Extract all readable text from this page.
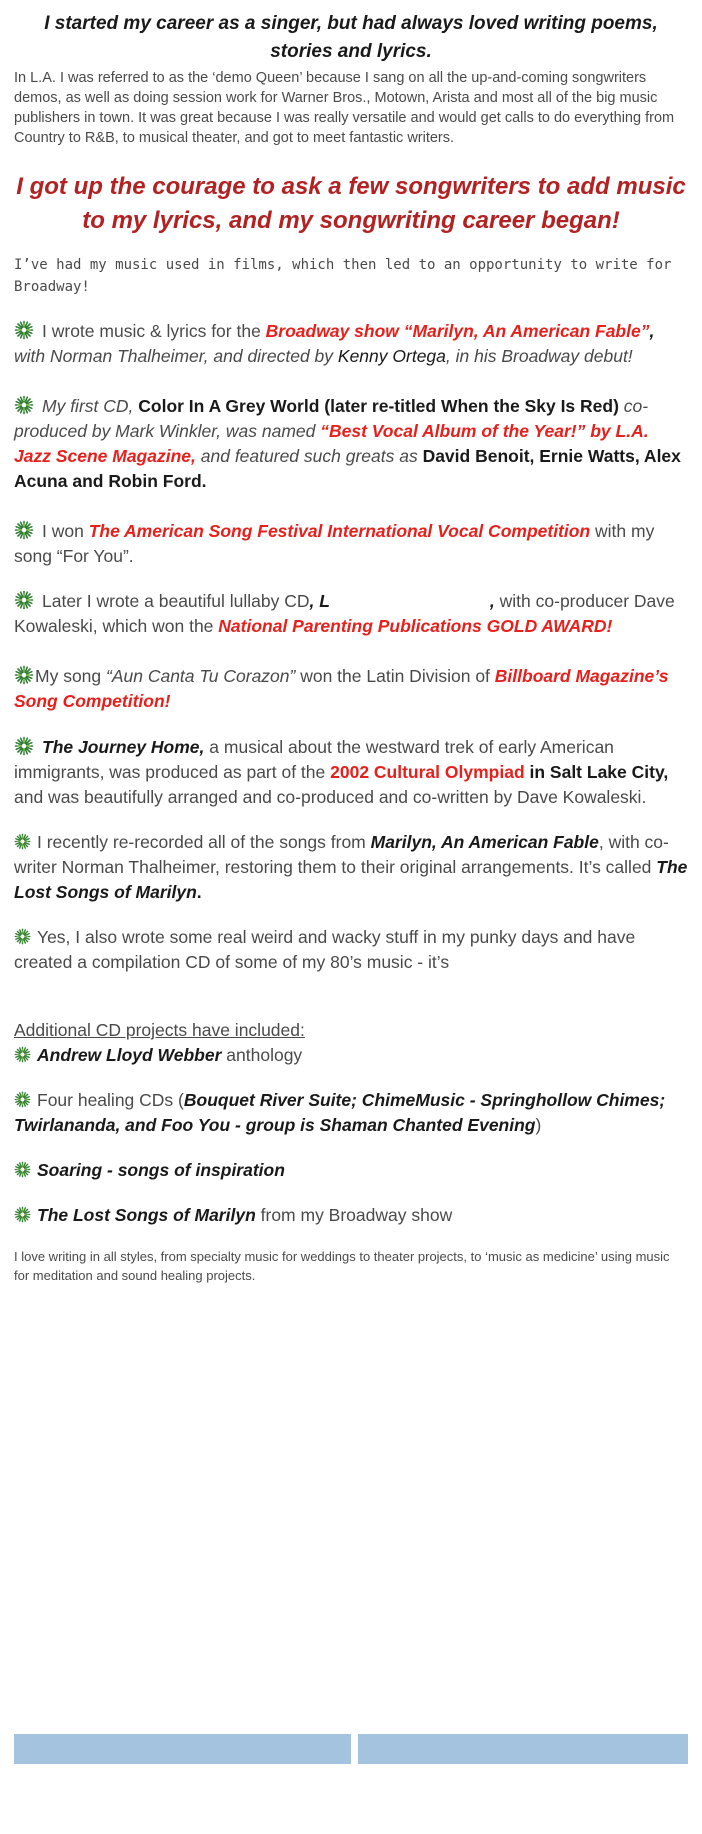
I started my career as a singer, but had always loved writing poems, stories and lyrics.

In L.A. I was referred to as the ‘demo Queen’ because I sang on all the up-and-coming songwriters demos, as well as doing session work for Warner Bros., Motown, Arista and most all of the big music publishers in town. It was great because I was really versatile and would get calls to do everything from Country to R&B, to musical theater, and got to meet fantastic writers.

I got up the courage to ask a few songwriters to add music to my lyrics, and my songwriting career began!

I’ve had my music used in films, which then led to an opportunity to write for Broadway!

I wrote music & lyrics for the Broadway show “Marilyn, An American Fable”, with Norman Thalheimer, and directed by Kenny Ortega, in his Broadway debut!

My first CD, Color In A Grey World (later re-titled When the Sky Is Red) co-produced by Mark Winkler, was named “Best Vocal Album of the Year!” by L.A. Jazz Scene Magazine, and featured such greats as David Benoit, Ernie Watts, Alex Acuna and Robin Ford.

I won The American Song Festival International Vocal Competition with my song “For You”.

Later I wrote a beautiful lullaby CD, L	, with co-producer Dave Kowaleski, which won the National Parenting Publications GOLD AWARD!

My song “Aun Canta Tu Corazon” won the Latin Division of Billboard Magazine’s Song Competition!

The Journey Home, a musical about the westward trek of early American immigrants, was produced as part of the 2002 Cultural Olympiad in Salt Lake City, and was beautifully arranged and co-produced and co-written by Dave Kowaleski.

I recently re-recorded all of the songs from Marilyn, An American Fable, with co-writer Norman Thalheimer, restoring them to their original arrangements. It’s called The Lost Songs of Marilyn.

Yes, I also wrote some real weird and wacky stuff in my punky days and have created a compilation CD of some of my 80’s music - it’s

Additional CD projects have included:

Andrew Lloyd Webber anthology

Four healing CDs (Bouquet River Suite; ChimeMusic - Springhollow Chimes; Twirlananda, and Foo You - group is Shaman Chanted Evening)

Soaring - songs of inspiration

The Lost Songs of Marilyn from my Broadway show

I love writing in all styles, from specialty music for weddings to theater projects, to ‘music as medicine’ using music for meditation and sound healing projects.
